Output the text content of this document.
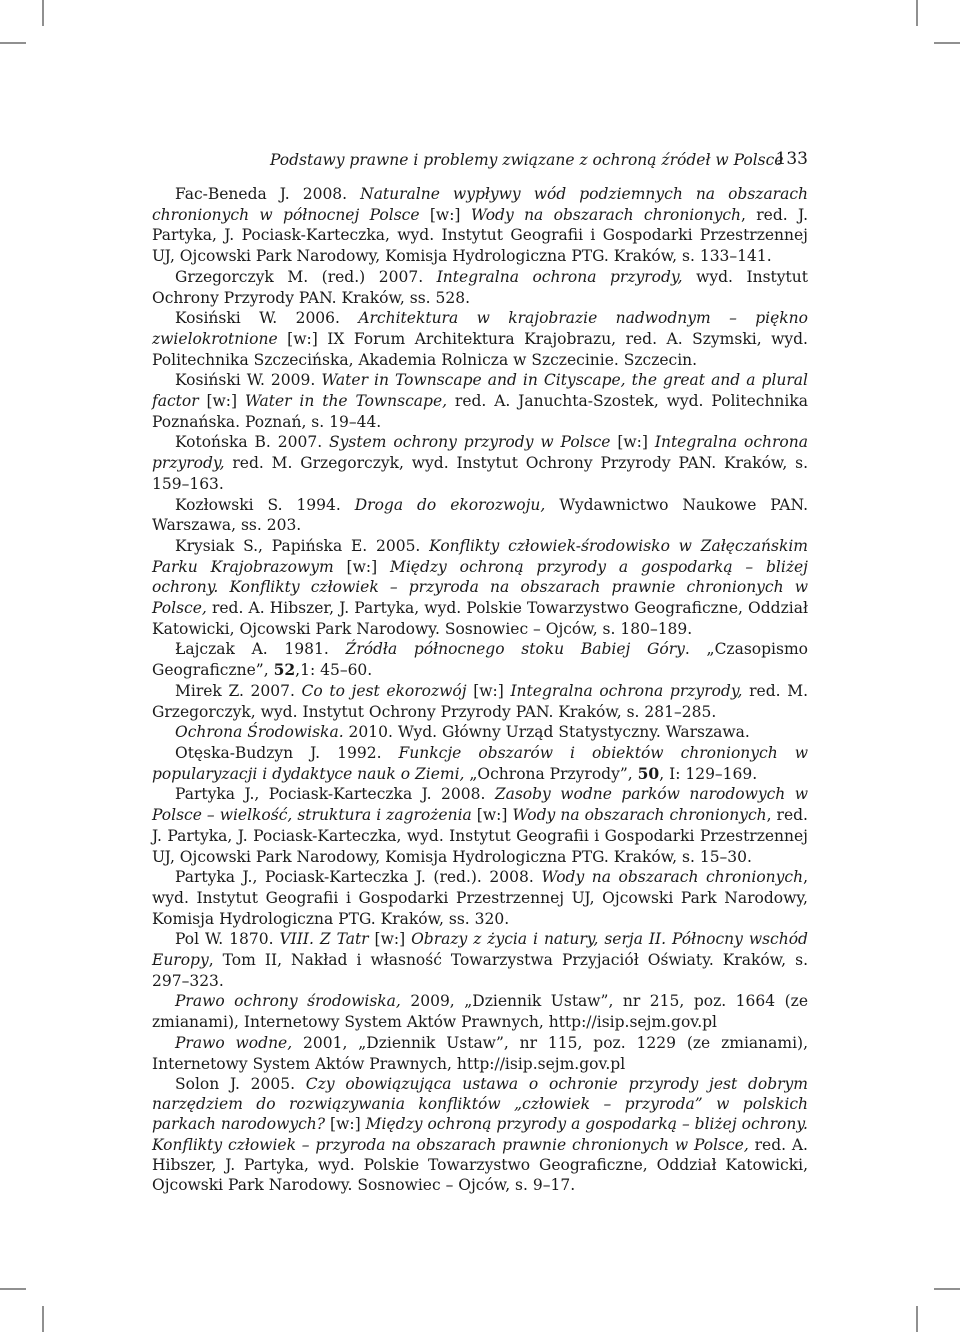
Podstawy prawne i problemy związane z ochroną źródeł w Polsce
133

Fac-Beneda J. 2008. Naturalne wypływy wód podziemnych na obszarach chronionych w północnej Polsce [w:] Wody na obszarach chronionych, red. J. Partyka, J. Pociask-Karteczka, wyd. Instytut Geografii i Gospodarki Przestrzennej UJ, Ojcowski Park Narodowy, Komisja Hydrologiczna PTG. Kraków, s. 133–141.

Grzegorczyk M. (red.) 2007. Integralna ochrona przyrody, wyd. Instytut Ochrony Przyrody PAN. Kraków, ss. 528.

Kosiński W. 2006. Architektura w krajobrazie nadwodnym – piękno zwielokrotnione [w:] IX Forum Architektura Krajobrazu, red. A. Szymski, wyd. Politechnika Szczecińska, Akademia Rolnicza w Szczecinie. Szczecin.

Kosiński W. 2009. Water in Townscape and in Cityscape, the great and a plural factor [w:] Water in the Townscape, red. A. Januchta-Szostek, wyd. Politechnika Poznańska. Poznań, s. 19–44.

Kotońska B. 2007. System ochrony przyrody w Polsce [w:] Integralna ochrona przyrody, red. M. Grzegorczyk, wyd. Instytut Ochrony Przyrody PAN. Kraków, s. 159–163.

Kozłowski S. 1994. Droga do ekorozwoju, Wydawnictwo Naukowe PAN. Warszawa, ss. 203.

Krysiak S., Papińska E. 2005. Konflikty człowiek-środowisko w Załęczańskim Parku Krajobrazowym [w:] Między ochroną przyrody a gospodarką – bliżej ochrony. Konflikty człowiek – przyroda na obszarach prawnie chronionych w Polsce, red. A. Hibszer, J. Partyka, wyd. Polskie Towarzystwo Geograficzne, Oddział Katowicki, Ojcowski Park Narodowy. Sosnowiec – Ojców, s. 180–189.

Łajczak A. 1981. Źródła północnego stoku Babiej Góry. „Czasopismo Geograficzne”, 52,1: 45–60.

Mirek Z. 2007. Co to jest ekorozwój [w:] Integralna ochrona przyrody, red. M. Grzegorczyk, wyd. Instytut Ochrony Przyrody PAN. Kraków, s. 281–285.

Ochrona Środowiska. 2010. Wyd. Główny Urząd Statystyczny. Warszawa.

Otęska-Budzyn J. 1992. Funkcje obszarów i obiektów chronionych w popularyzacji i dydaktyce nauk o Ziemi, „Ochrona Przyrody”, 50, I: 129–169.

Partyka J., Pociask-Karteczka J. 2008. Zasoby wodne parków narodowych w Polsce – wielkość, struktura i zagrożenia [w:] Wody na obszarach chronionych, red. J. Partyka, J. Pociask-Karteczka, wyd. Instytut Geografii i Gospodarki Przestrzennej UJ, Ojcowski Park Narodowy, Komisja Hydrologiczna PTG. Kraków, s. 15–30.

Partyka J., Pociask-Karteczka J. (red.). 2008. Wody na obszarach chronionych, wyd. Instytut Geografii i Gospodarki Przestrzennej UJ, Ojcowski Park Narodowy, Komisja Hydrologiczna PTG. Kraków, ss. 320.

Pol W. 1870. VIII. Z Tatr [w:] Obrazy z życia i natury, serja II. Północny wschód Europy, Tom II, Nakład i własność Towarzystwa Przyjaciół Oświaty. Kraków, s. 297–323.

Prawo ochrony środowiska, 2009, „Dziennik Ustaw”, nr 215, poz. 1664 (ze zmianami), Internetowy System Aktów Prawnych, http://isip.sejm.gov.pl

Prawo wodne, 2001, „Dziennik Ustaw”, nr 115, poz. 1229 (ze zmianami), Internetowy System Aktów Prawnych, http://isip.sejm.gov.pl

Solon J. 2005. Czy obowiązująca ustawa o ochronie przyrody jest dobrym narzędziem do rozwiązywania konfliktów „człowiek – przyroda” w polskich parkach narodowych? [w:] Między ochroną przyrody a gospodarką – bliżej ochrony. Konflikty człowiek – przyroda na obszarach prawnie chronionych w Polsce, red. A. Hibszer, J. Partyka, wyd. Polskie Towarzystwo Geograficzne, Oddział Katowicki, Ojcowski Park Narodowy. Sosnowiec – Ojców, s. 9–17.
